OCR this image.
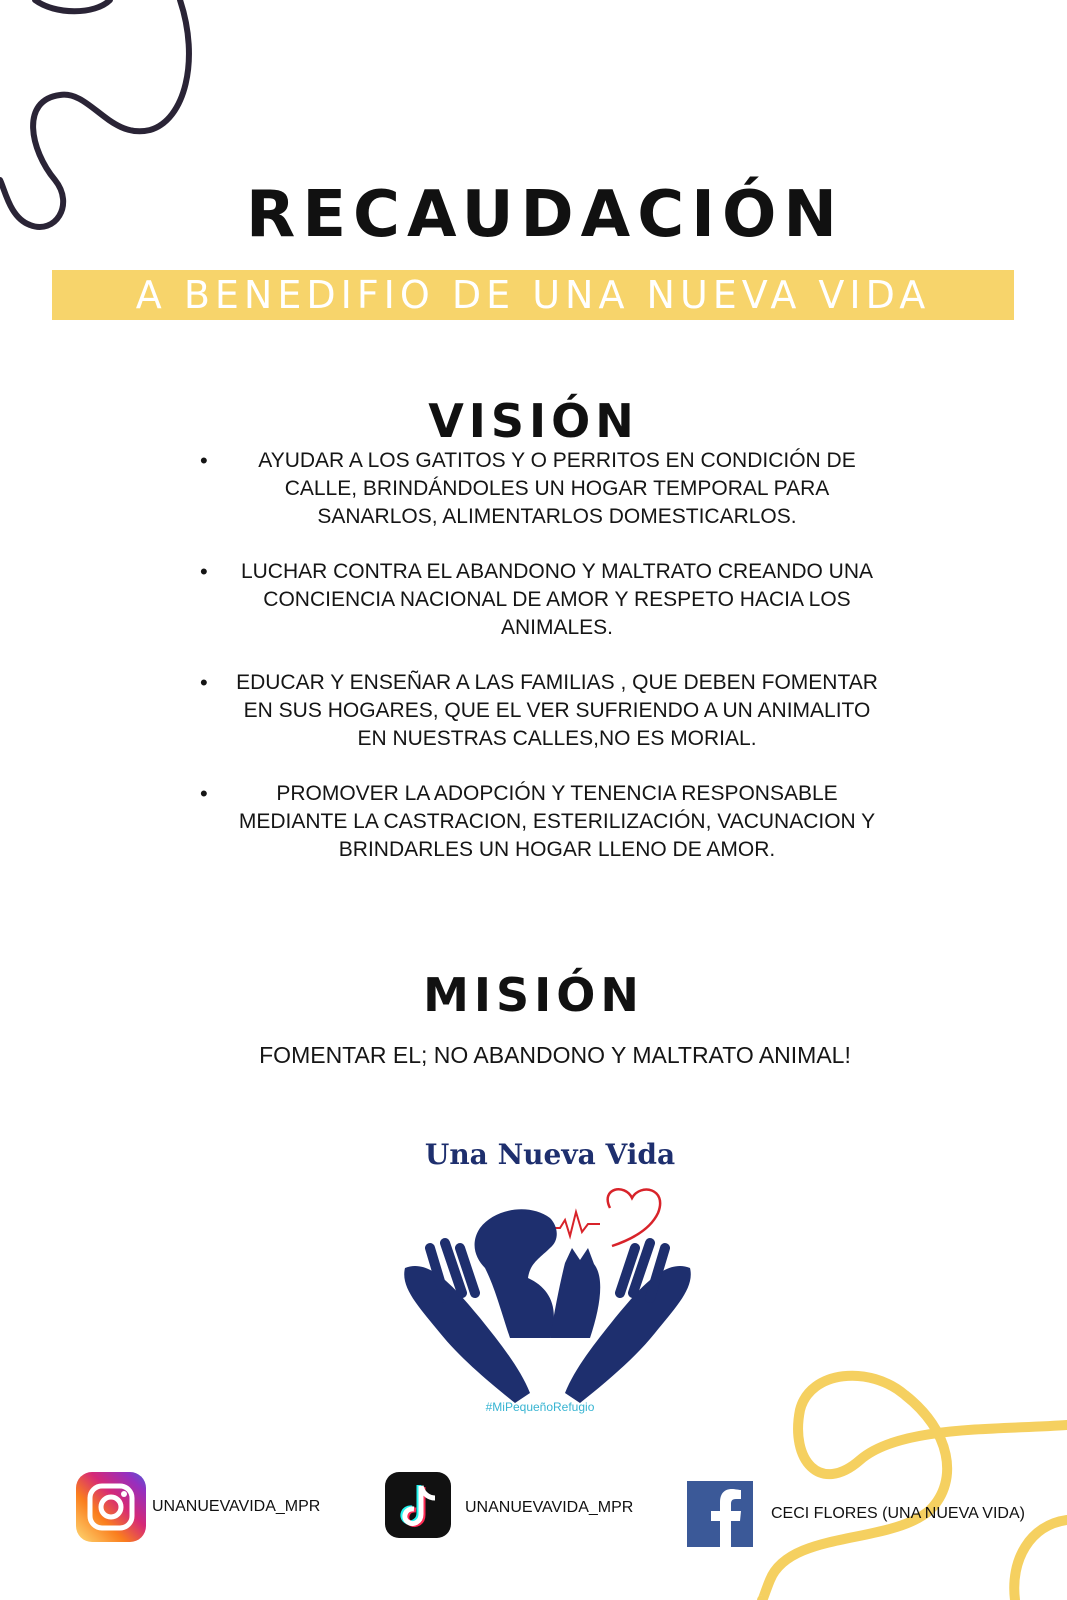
RECAUDACIÓN
A BENEDIFIO DE UNA NUEVA VIDA
VISIÓN
• AYUDAR A LOS GATITOS Y O PERRITOS EN CONDICIÓN DE CALLE, BRINDÁNDOLES UN HOGAR TEMPORAL PARA SANARLOS, ALIMENTARLOS DOMESTICARLOS.
• LUCHAR CONTRA EL ABANDONO Y MALTRATO CREANDO UNA CONCIENCIA NACIONAL DE AMOR Y RESPETO HACIA LOS ANIMALES.
• EDUCAR Y ENSEÑAR A LAS FAMILIAS , QUE DEBEN FOMENTAR EN SUS HOGARES, QUE EL VER SUFRIENDO A UN ANIMALITO EN NUESTRAS CALLES,NO ES MORIAL.
•	PROMOVER LA ADOPCIÓN Y TENENCIA RESPONSABLE MEDIANTE LA CASTRACION, ESTERILIZACIÓN, VACUNACION Y BRINDARLES UN HOGAR LLENO DE AMOR.
MISIÓN
FOMENTAR EL; NO ABANDONO Y MALTRATO ANIMAL!
Una Nueva Vida
#MiPequeñoRefugio
UNANUEVAVIDA_MPR	UNANUEVAVIDA_MPR	CECI FLORES (UNA NUEVA VIDA)
